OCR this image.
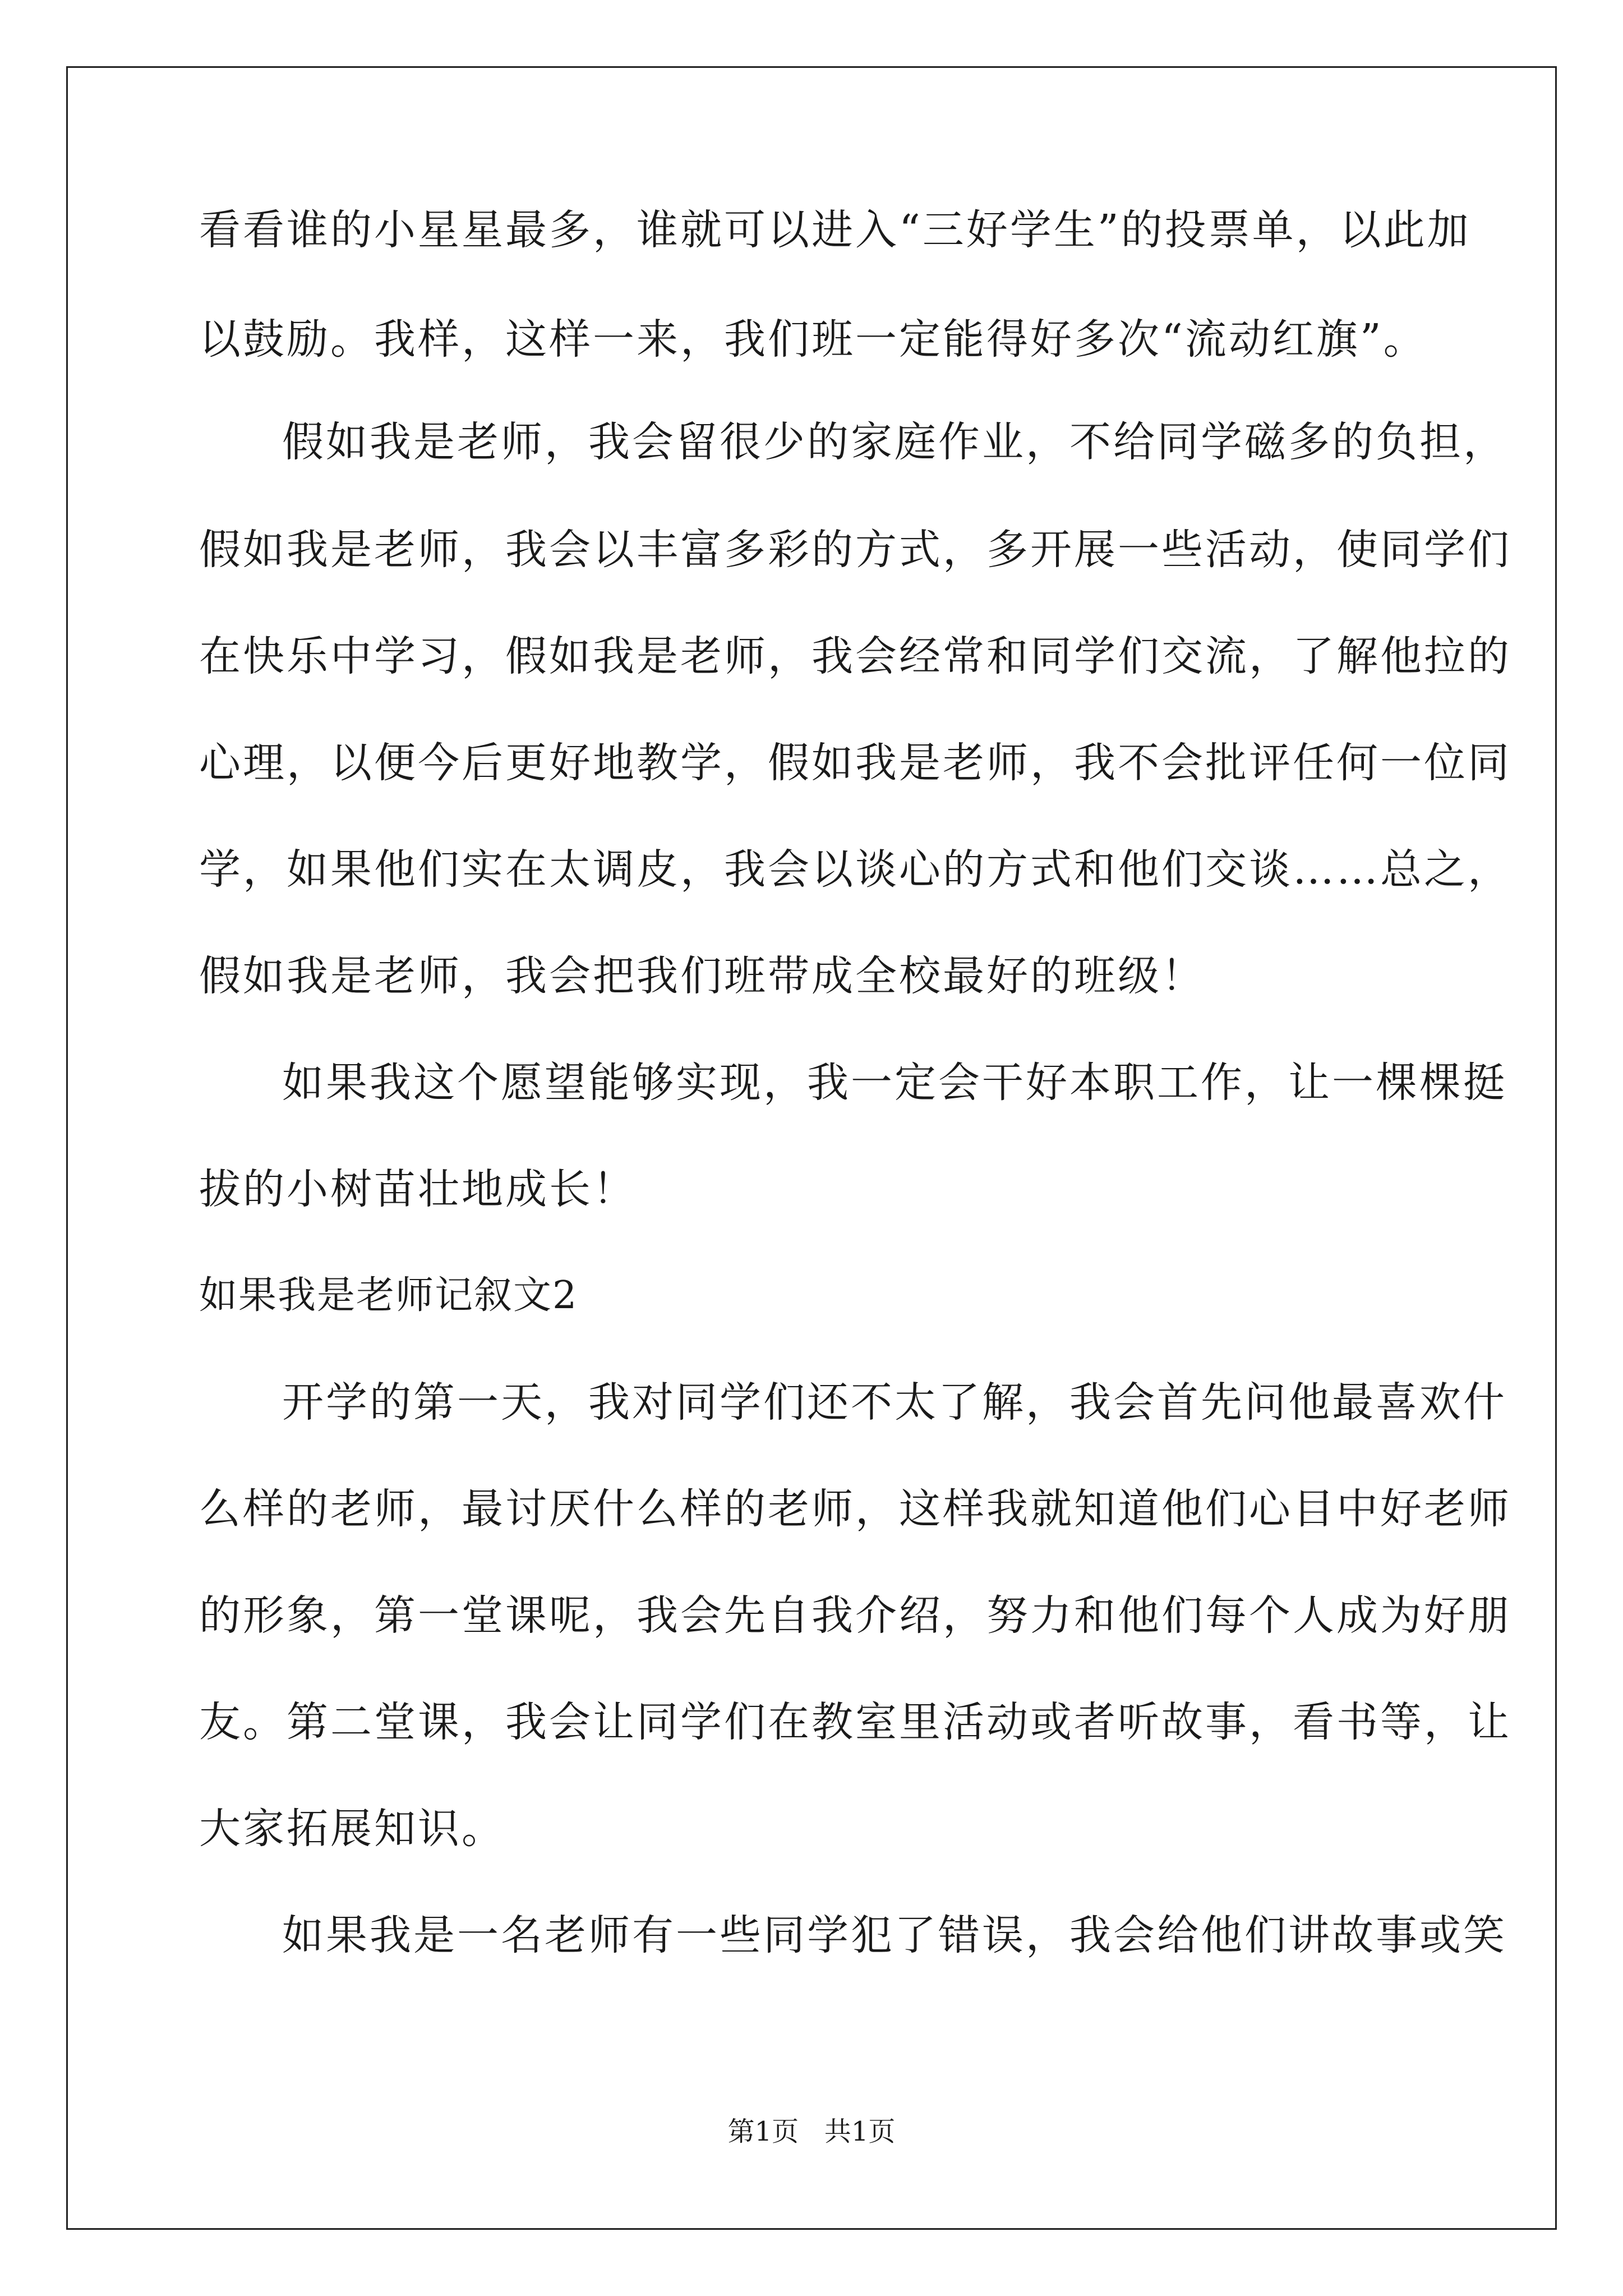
看看谁的小星星最多，谁就可以进入“三好学生”的投票单，以此加
以鼓励。我样，这样一来，我们班一定能得好多次“流动红旗”。
假如我是老师，我会留很少的家庭作业，不给同学磁多的负担，
假如我是老师，我会以丰富多彩的方式，多开展一些活动，使同学们
在快乐中学习，假如我是老师，我会经常和同学们交流，了解他拉的
心理，以便今后更好地教学，假如我是老师，我不会批评任何一位同
学，如果他们实在太调皮，我会以谈心的方式和他们交谈……总之，
假如我是老师，我会把我们班带成全校最好的班级！
如果我这个愿望能够实现，我一定会干好本职工作，让一棵棵挺
拔的小树苗壮地成长！
如果我是老师记叙文2
开学的第一天，我对同学们还不太了解，我会首先问他最喜欢什
么样的老师，最讨厌什么样的老师，这样我就知道他们心目中好老师
的形象，第一堂课呢，我会先自我介绍，努力和他们每个人成为好朋
友。第二堂课，我会让同学们在教室里活动或者听故事，看书等，让
大家拓展知识。
如果我是一名老师有一些同学犯了错误，我会给他们讲故事或笑
第1页   共1页
